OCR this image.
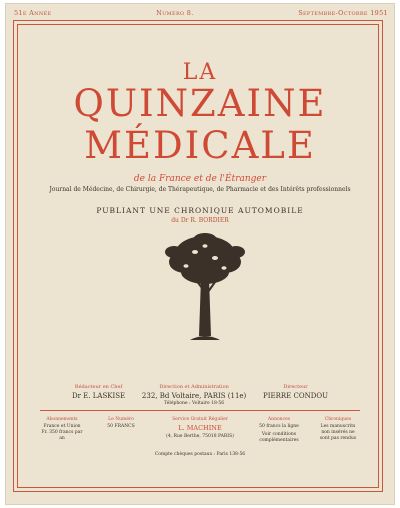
51e Année	Numéro 8.	Septembre-Octobre 1951
LA
QUINZAINE
MÉDICALE
de la France et de l'Étranger
Journal de Médecine, de Chirurgie, de Thérapeutique, de Pharmacie et des Intérêts professionnels
PUBLIANT UNE CHRONIQUE AUTOMOBILE
du Dr R. BORDIER
Rédacteur en Chef
Dr E. LASKISE
Direction et Administration
232, Bd Voltaire, PARIS (11e)
Téléphone : Voltaire 18-56
Directeur
PIERRE CONDOU
Abonnements
France et Union Fr. 350 francs par an
Le Numéro
50 FRANCS
Service Gratuit Régulier
L. MACHINE
(4, Rue Berthe, 75018 PARIS)
Annonces
50 francs la ligne
Voir conditions complémentaires
Chroniques
Les manuscrits non insérés ne sont pas rendus
Compte chèques postaux : Paris 138-56
